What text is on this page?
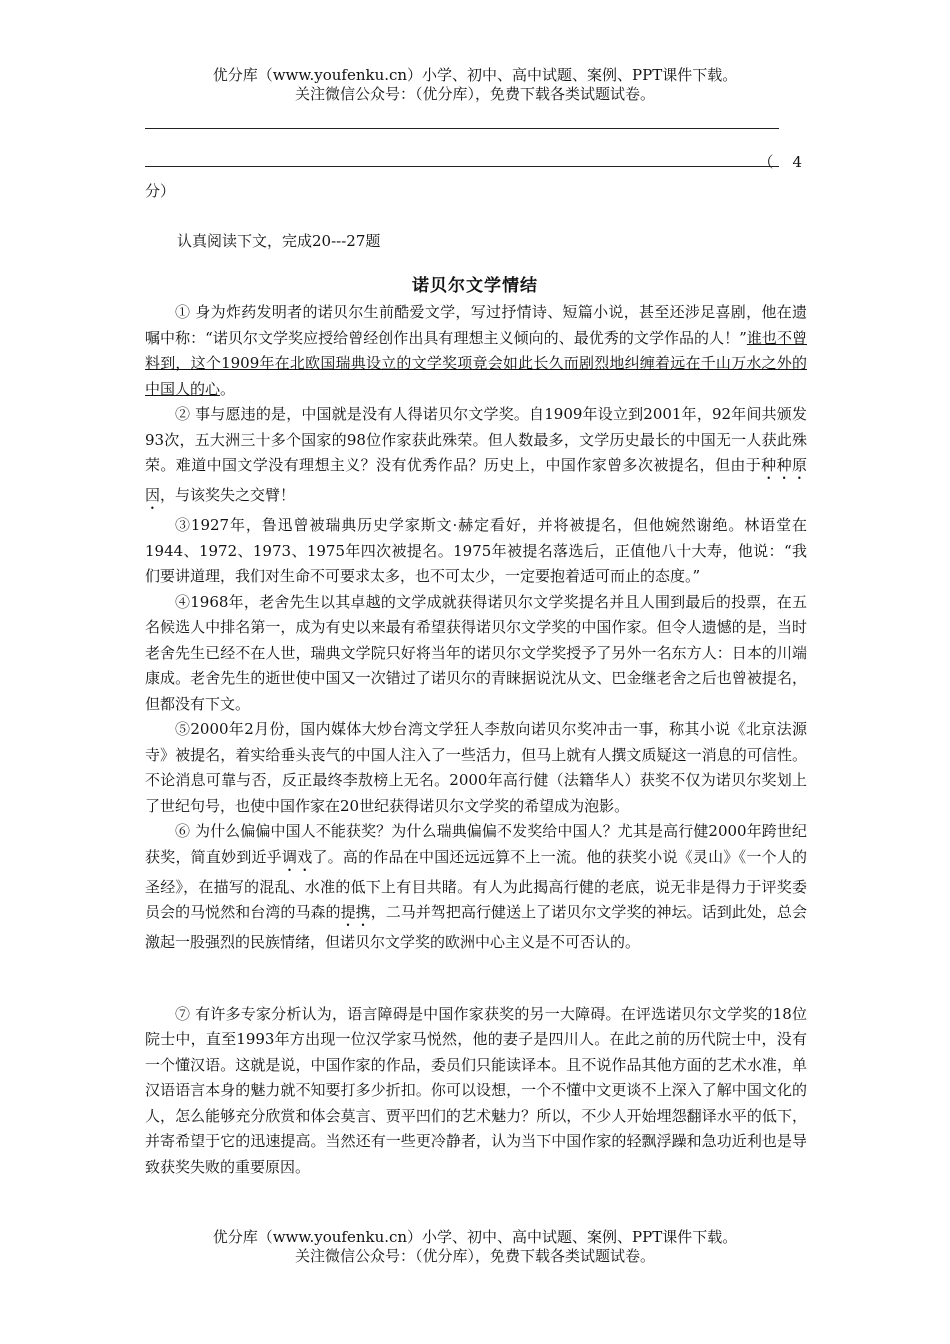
优分库（www.youfenku.cn）小学、初中、高中试题、案例、PPT课件下载。
关注微信公众号：（优分库），免费下载各类试题试卷。
（    4
分）
认真阅读下文，完成20---27题
诺贝尔文学情结

① 身为炸药发明者的诺贝尔生前酷爱文学，写过抒情诗、短篇小说，甚至还涉足喜剧，他在遗嘱中称：“诺贝尔文学奖应授给曾经创作出具有理想主义倾向的、最优秀的文学作品的人！”谁也不曾料到，这个1909年在北欧国瑞典设立的文学奖项竟会如此长久而剧烈地纠缠着远在千山万水之外的中国人的心。

② 事与愿违的是，中国就是没有人得诺贝尔文学奖。自1909年设立到2001年，92年间共颁发93次，五大洲三十多个国家的98位作家获此殊荣。但人数最多，文学历史最长的中国无一人获此殊荣。难道中国文学没有理想主义？没有优秀作品？历史上，中国作家曾多次被提名，但由于种种原因，与该奖失之交臂！

③1927年，鲁迅曾被瑞典历史学家斯文·赫定看好，并将被提名，但他婉然谢绝。林语堂在1944、1972、1973、1975年四次被提名。1975年被提名落选后，正值他八十大寿，他说：“我们要讲道理，我们对生命不可要求太多，也不可太少，一定要抱着适可而止的态度。”

④1968年，老舍先生以其卓越的文学成就获得诺贝尔文学奖提名并且人围到最后的投票，在五名候选人中排名第一，成为有史以来最有希望获得诺贝尔文学奖的中国作家。但令人遗憾的是，当时老舍先生已经不在人世，瑞典文学院只好将当年的诺贝尔文学奖授予了另外一名东方人：日本的川端康成。老舍先生的逝世使中国又一次错过了诺贝尔的青睐据说沈从文、巴金继老舍之后也曾被提名，但都没有下文。

⑤2000年2月份，国内媒体大炒台湾文学狂人李敖向诺贝尔奖冲击一事，称其小说《北京法源寺》被提名，着实给垂头丧气的中国人注入了一些活力，但马上就有人撰文质疑这一消息的可信性。不论消息可靠与否，反正最终李敖榜上无名。2000年高行健（法籍华人）获奖不仅为诺贝尔奖划上了世纪句号，也使中国作家在20世纪获得诺贝尔文学奖的希望成为泡影。

⑥ 为什么偏偏中国人不能获奖？为什么瑞典偏偏不发奖给中国人？尤其是高行健2000年跨世纪获奖，简直妙到近乎调戏了。高的作品在中国还远远算不上一流。他的获奖小说《灵山》《一个人的圣经》，在描写的混乱、水准的低下上有目共睹。有人为此揭高行健的老底，说无非是得力于评奖委员会的马悦然和台湾的马森的提携，二马并驾把高行健送上了诺贝尔文学奖的神坛。话到此处，总会激起一股强烈的民族情绪，但诺贝尔文学奖的欧洲中心主义是不可否认的。

⑦ 有许多专家分析认为，语言障碍是中国作家获奖的另一大障碍。在评选诺贝尔文学奖的18位院士中，直至1993年方出现一位汉学家马悦然，他的妻子是四川人。在此之前的历代院士中，没有一个懂汉语。这就是说，中国作家的作品，委员们只能读译本。且不说作品其他方面的艺术水准，单汉语语言本身的魅力就不知要打多少折扣。你可以设想，一个不懂中文更谈不上深入了解中国文化的人，怎么能够充分欣赏和体会莫言、贾平凹们的艺术魅力？所以，不少人开始埋怨翻译水平的低下，并寄希望于它的迅速提高。当然还有一些更冷静者，认为当下中国作家的轻飘浮躁和急功近利也是导致获奖失败的重要原因。

优分库（www.youfenku.cn）小学、初中、高中试题、案例、PPT课件下载。
关注微信公众号：（优分库），免费下载各类试题试卷。
